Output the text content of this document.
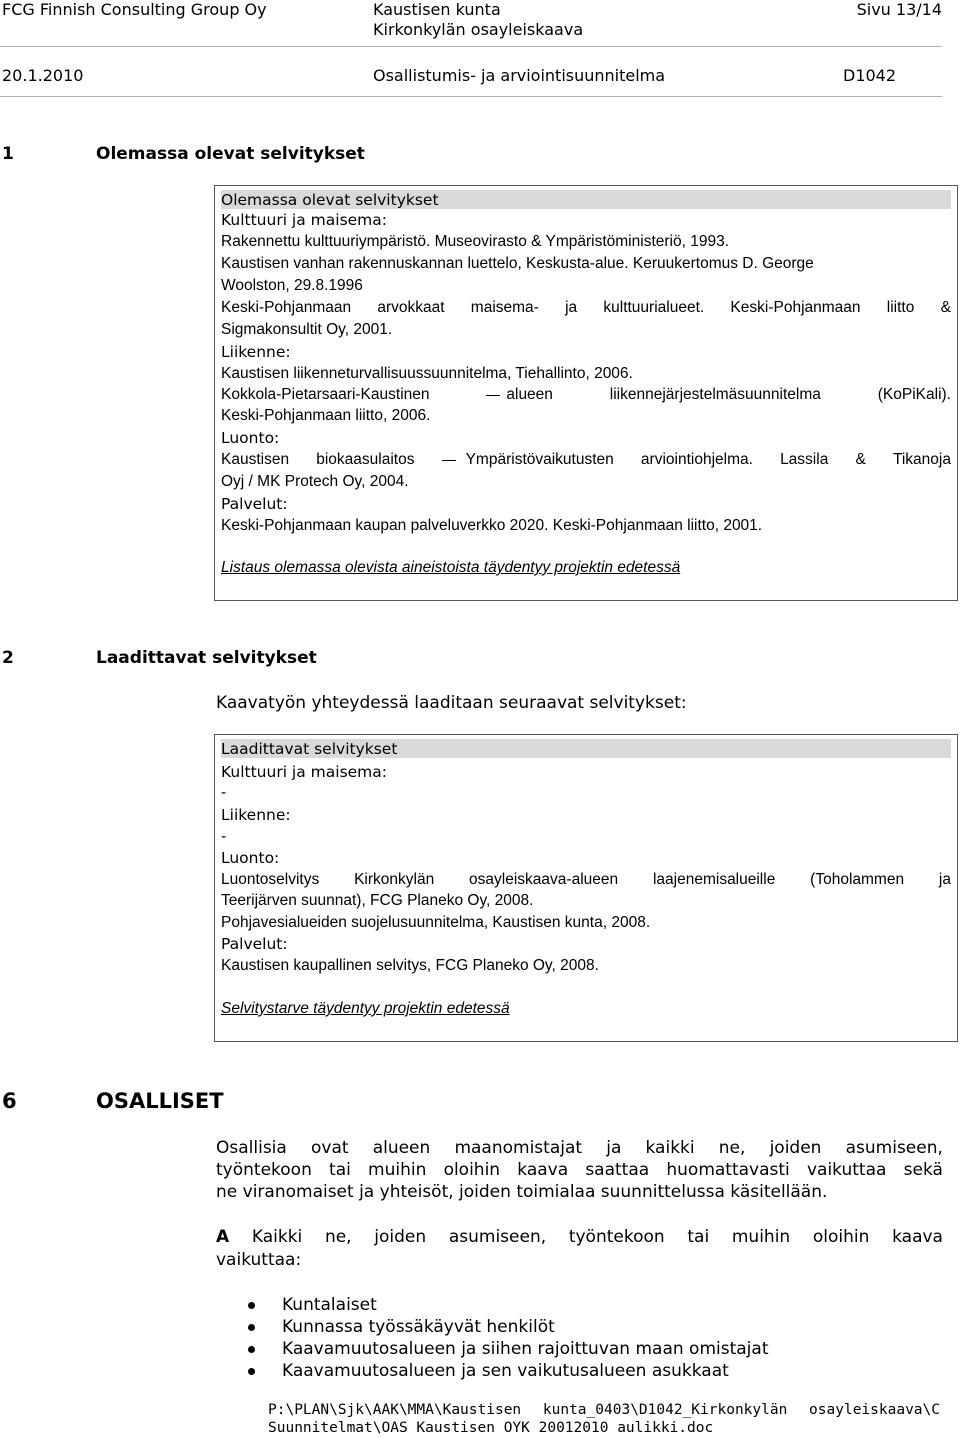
FCG Finnish Consulting Group Oy	Kaustisen kunta	Sivu 13/14
Kirkonkylän osayleiskaava
20.1.2010	Osallistumis- ja arviointisuunnitelma	D1042
1	Olemassa olevat selvitykset
Olemassa olevat selvitykset
Kulttuuri ja maisema:
Rakennettu kulttuuriympäristö. Museovirasto & Ympäristöministeriö, 1993.
Kaustisen vanhan rakennuskannan luettelo, Keskusta-alue. Keruukertomus D. George
Woolston, 29.8.1996
Keski-Pohjanmaan arvokkaat maisema- ja kulttuurialueet. Keski-Pohjanmaan liitto &
Sigmakonsultit Oy, 2001.
Liikenne:
Kaustisen liikenneturvallisuussuunnitelma, Tiehallinto, 2006.
Kokkola-Pietarsaari-Kaustinen	alueen	liikennejärjestelmäsuunnitelma	(KoPiKali).
Keski-Pohjanmaan liitto, 2006.
Luonto:
Kaustisen biokaasulaitos	Ympäristövaikutusten arviointiohjelma. Lassila & Tikanoja
Oyj / MK Protech Oy, 2004.
Palvelut:
Keski-Pohjanmaan kaupan palveluverkko 2020. Keski-Pohjanmaan liitto, 2001.
Listaus olemassa olevista aineistoista täydentyy projektin edetessä
2	Laadittavat selvitykset
Kaavatyön yhteydessä laaditaan seuraavat selvitykset:
Laadittavat selvitykset
Kulttuuri ja maisema:
-
Liikenne:
-
Luonto:
Luontoselvitys Kirkonkylän osayleiskaava-alueen laajenemisalueille (Toholammen ja
Teerijärven suunnat), FCG Planeko Oy, 2008.
Pohjavesialueiden suojelusuunnitelma, Kaustisen kunta, 2008.
Palvelut:
Kaustisen kaupallinen selvitys, FCG Planeko Oy, 2008.
Selvitystarve täydentyy projektin edetessä
6	OSALLISET
Osallisia ovat alueen maanomistajat ja kaikki ne, joiden asumiseen,
työntekoon tai muihin oloihin kaava saattaa huomattavasti vaikuttaa sekä
ne viranomaiset ja yhteisöt, joiden toimialaa suunnittelussa käsitellään.
A Kaikki ne, joiden asumiseen, työntekoon tai muihin oloihin kaava
vaikuttaa:
Kuntalaiset
Kunnassa työssäkäyvät henkilöt
Kaavamuutosalueen ja siihen rajoittuvan maan omistajat
Kaavamuutosalueen ja sen vaikutusalueen asukkaat
P:\PLAN\Sjk\AAK\MMA\Kaustisen kunta_0403\D1042_Kirkonkylän osayleiskaava\C
Suunnitelmat\OAS Kaustisen OYK 20012010 aulikki.doc
